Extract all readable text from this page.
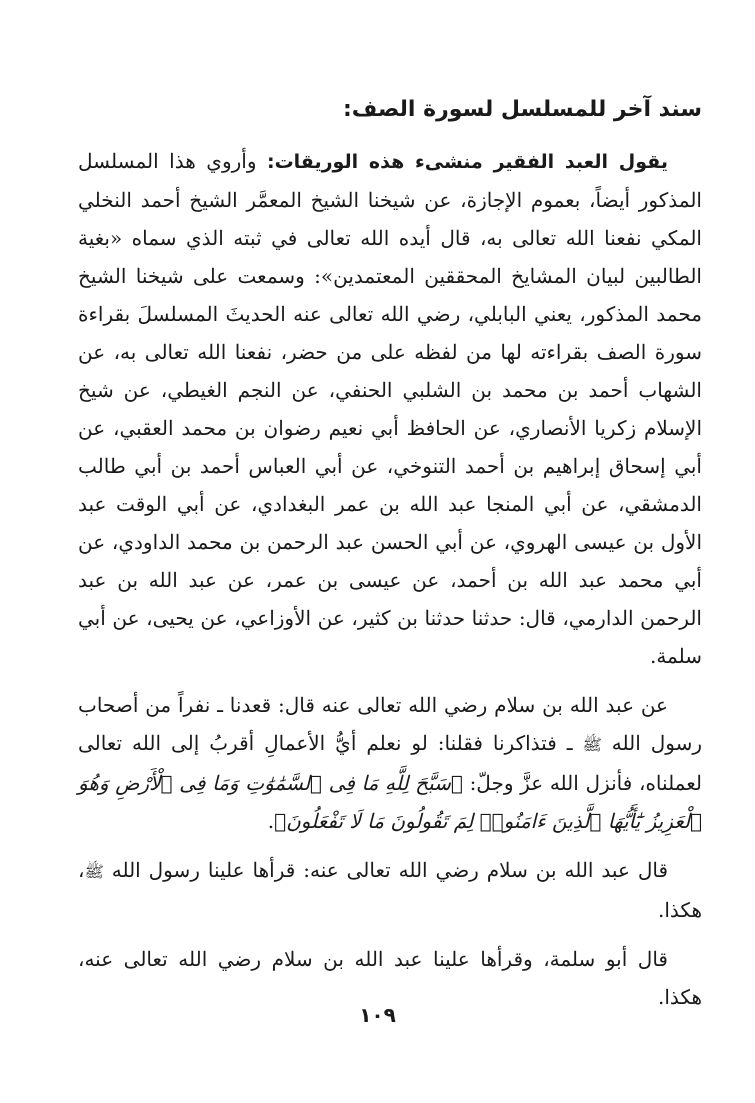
سند آخر للمسلسل لسورة الصف:

يقول العبد الفقير منشىء هذه الوريقات: وأروي هذا المسلسل المذكور أيضاً، بعموم الإجازة، عن شيخنا الشيخ المعمَّر الشيخ أحمد النخلي المكي نفعنا الله تعالى به، قال أيده الله تعالى في ثبته الذي سماه «بغية الطالبين لبيان المشايخ المحققين المعتمدين»: وسمعت على شيخنا الشيخ محمد المذكور، يعني البابلي، رضي الله تعالى عنه الحديثَ المسلسلَ بقراءة سورة الصف بقراءته لها من لفظه على من حضر، نفعنا الله تعالى به، عن الشهاب أحمد بن محمد بن الشلبي الحنفي، عن النجم الغيطي، عن شيخ الإسلام زكريا الأنصاري، عن الحافظ أبي نعيم رضوان بن محمد العقبي، عن أبي إسحاق إبراهيم بن أحمد التنوخي، عن أبي العباس أحمد بن أبي طالب الدمشقي، عن أبي المنجا عبد الله بن عمر البغدادي، عن أبي الوقت عبد الأول بن عيسى الهروي، عن أبي الحسن عبد الرحمن بن محمد الداودي، عن أبي محمد عبد الله بن أحمد، عن عيسى بن عمر، عن عبد الله بن عبد الرحمن الدارمي، قال: حدثنا حدثنا بن كثير، عن الأوزاعي، عن يحيى، عن أبي سلمة.

عن عبد الله بن سلام رضي الله تعالى عنه قال: قعدنا ـ نفراً من أصحاب رسول الله ﷺ ـ فتذاكرنا فقلنا: لو نعلم أيُّ الأعمالِ أقربُ إلى الله تعالى لعملناه، فأنزل الله عزَّ وجلّ: ﴿سَبَّحَ لِلَّهِ مَا فِى ٱلسَّمَٰوَٰتِ وَمَا فِى ٱلْأَرْضِ وَهُوَ ٱلْعَزِيزُ يَٰٓأَيُّهَا ٱلَّذِينَ ءَامَنُوا۟ لِمَ تَقُولُونَ مَا لَا تَفْعَلُونَ﴾.

قال عبد الله بن سلام رضي الله تعالى عنه: قرأها علينا رسول الله ﷺ، هكذا.

قال أبو سلمة، وقرأها علينا عبد الله بن سلام رضي الله تعالى عنه، هكذا.

١٠٩
